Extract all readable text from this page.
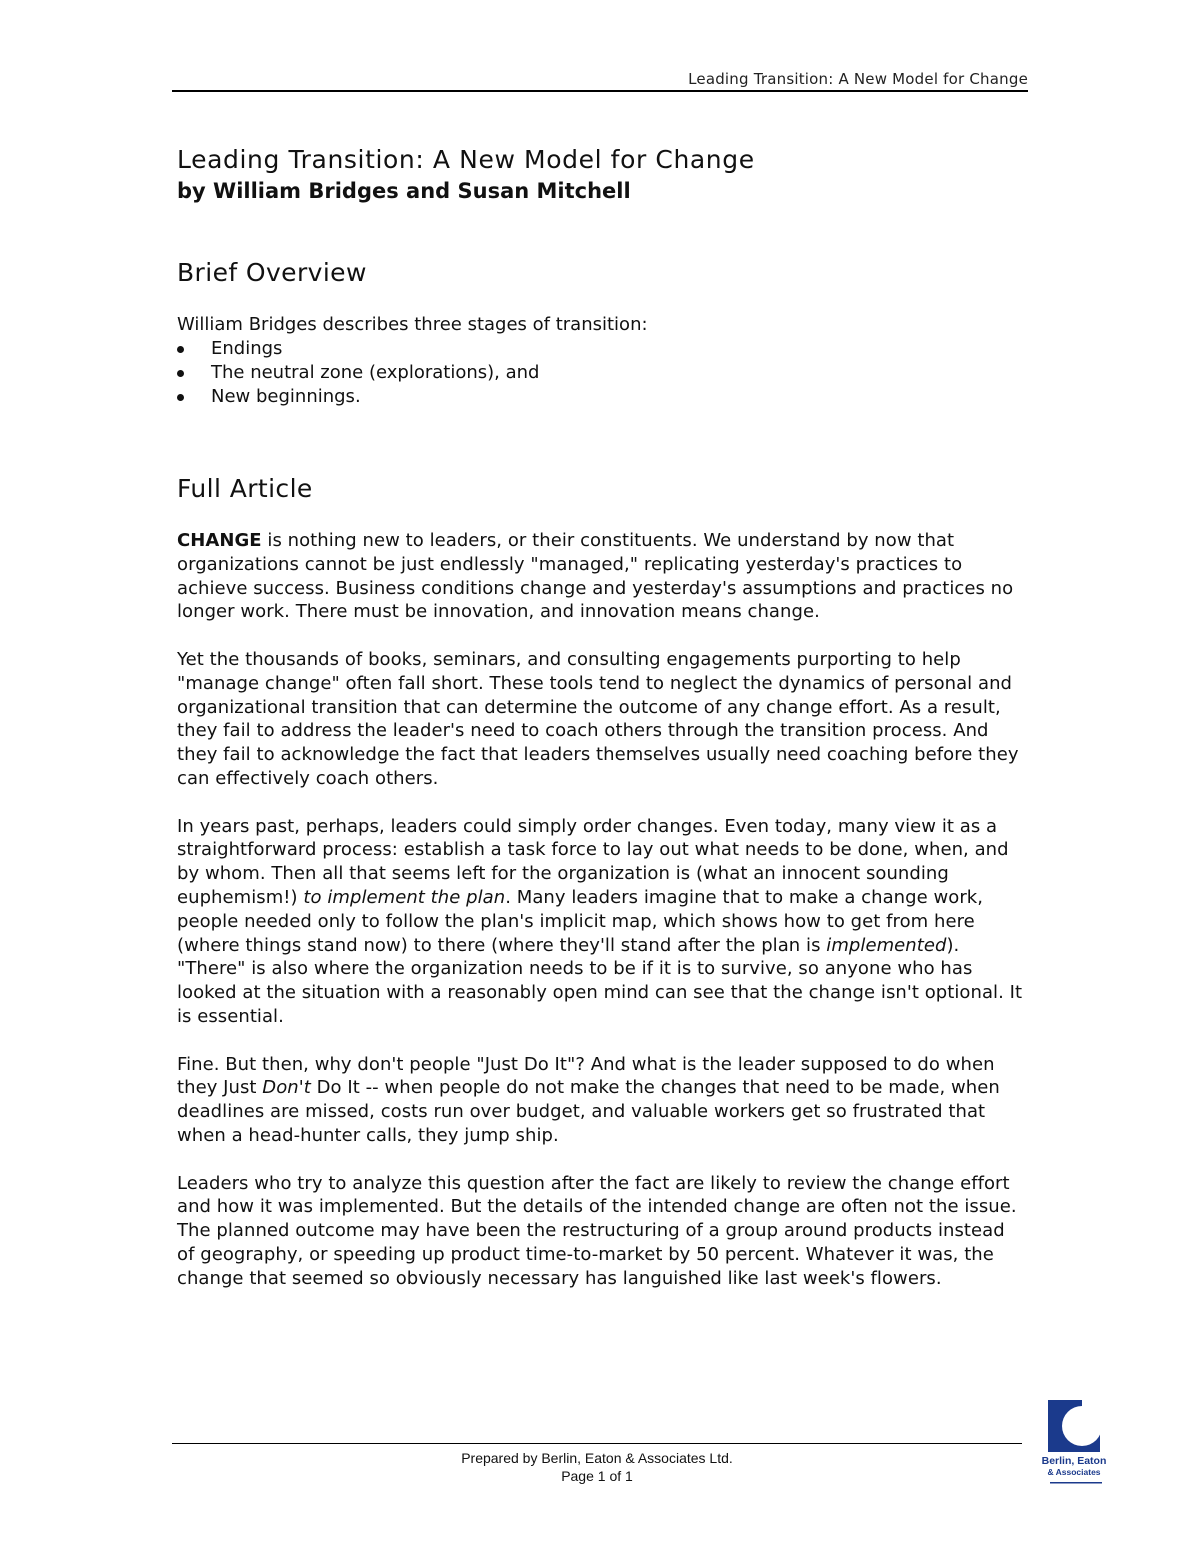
Leading Transition: A New Model for Change
Leading Transition: A New Model for Change
by William Bridges and Susan Mitchell
Brief Overview

William Bridges describes three stages of transition:

Endings
The neutral zone (explorations), and
New beginnings.
Full Article

CHANGE is nothing new to leaders, or their constituents. We understand by now that organizations cannot be just endlessly "managed," replicating yesterday's practices to achieve success. Business conditions change and yesterday's assumptions and practices no longer work. There must be innovation, and innovation means change.

Yet the thousands of books, seminars, and consulting engagements purporting to help "manage change" often fall short. These tools tend to neglect the dynamics of personal and organizational transition that can determine the outcome of any change effort. As a result, they fail to address the leader's need to coach others through the transition process. And they fail to acknowledge the fact that leaders themselves usually need coaching before they can effectively coach others.

In years past, perhaps, leaders could simply order changes. Even today, many view it as a straightforward process: establish a task force to lay out what needs to be done, when, and by whom. Then all that seems left for the organization is (what an innocent sounding euphemism!) to implement the plan. Many leaders imagine that to make a change work, people needed only to follow the plan's implicit map, which shows how to get from here (where things stand now) to there (where they'll stand after the plan is implemented). "There" is also where the organization needs to be if it is to survive, so anyone who has looked at the situation with a reasonably open mind can see that the change isn't optional. It is essential.

Fine. But then, why don't people "Just Do It"? And what is the leader supposed to do when they Just Don't Do It -- when people do not make the changes that need to be made, when deadlines are missed, costs run over budget, and valuable workers get so frustrated that when a head-hunter calls, they jump ship.

Leaders who try to analyze this question after the fact are likely to review the change effort and how it was implemented. But the details of the intended change are often not the issue. The planned outcome may have been the restructuring of a group around products instead of geography, or speeding up product time-to-market by 50 percent. Whatever it was, the change that seemed so obviously necessary has languished like last week's flowers.

Prepared by Berlin, Eaton & Associates Ltd.
Page 1 of 1
Berlin, Eaton
& Associates
